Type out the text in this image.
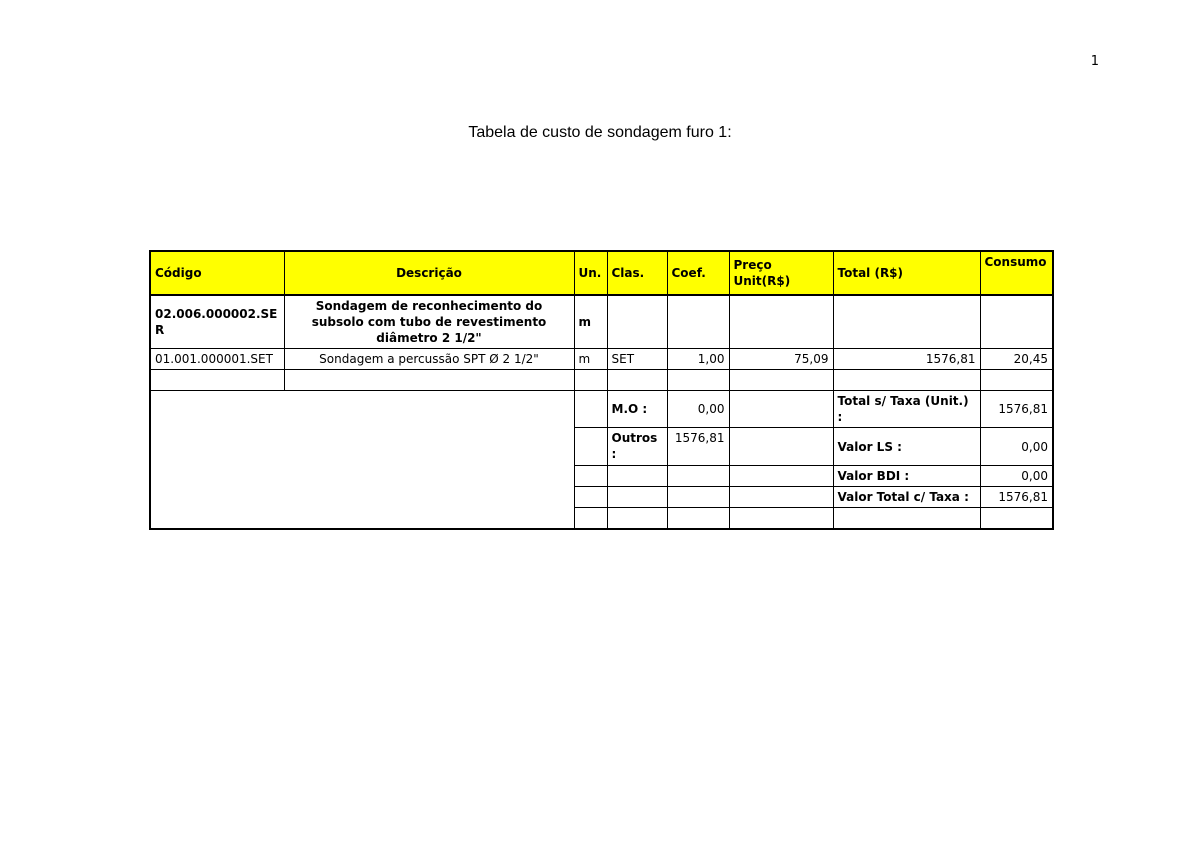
1
Tabela de custo de sondagem furo 1:
Código	Descrição	Un.	Clas.	Coef.	Preço Unit(R$)	Total (R$)	Consumo
02.006.000002.SER	Sondagem de reconhecimento do subsolo com tubo de revestimento diâmetro 2 1/2"	m					
01.001.000001.SET	Sondagem a percussão SPT Ø 2 1/2"	m	SET	1,00	75,09	1576,81	20,45

			M.O :	0,00		Total s/ Taxa (Unit.) :	1576,81
			Outros :	1576,81		Valor LS :	0,00
						Valor BDI :	0,00
						Valor Total c/ Taxa :	1576,81
